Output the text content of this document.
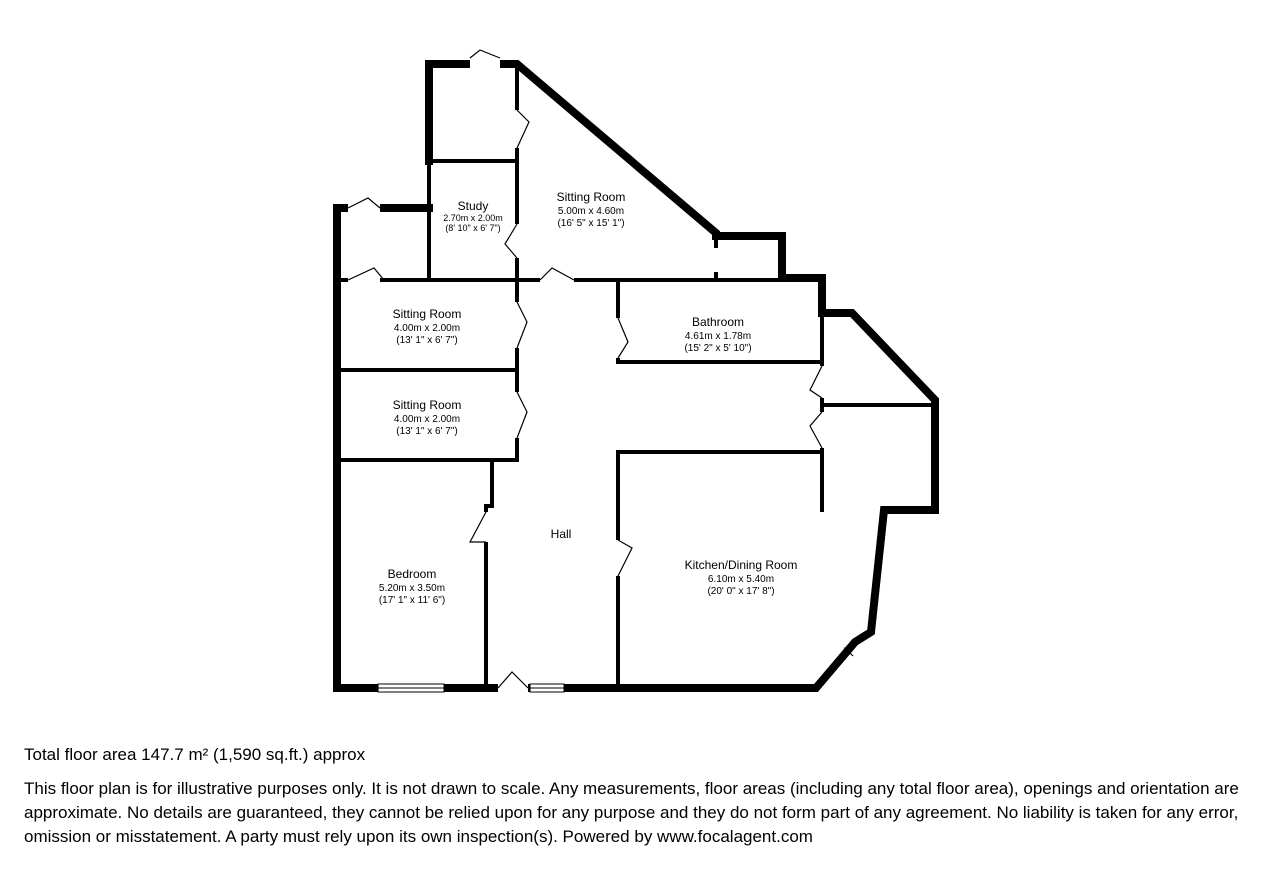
Study
2.70m x 2.00m
(8' 10" x 6' 7")
Sitting Room
5.00m x 4.60m
(16' 5" x 15' 1")
Sitting Room
4.00m x 2.00m
(13' 1" x 6' 7")
Sitting Room
4.00m x 2.00m
(13' 1" x 6' 7")
Bathroom
4.61m x 1.78m
(15' 2" x 5' 10")
Hall
Bedroom
5.20m x 3.50m
(17' 1" x 11' 6")
Kitchen/Dining Room
6.10m x 5.40m
(20' 0" x 17' 8")

Total floor area 147.7 m² (1,590 sq.ft.) approx

This floor plan is for illustrative purposes only. It is not drawn to scale. Any measurements, floor areas (including any total floor area), openings and orientation are approximate. No details are guaranteed, they cannot be relied upon for any purpose and they do not form part of any agreement. No liability is taken for any error, omission or misstatement. A party must rely upon its own inspection(s). Powered by www.focalagent.com
